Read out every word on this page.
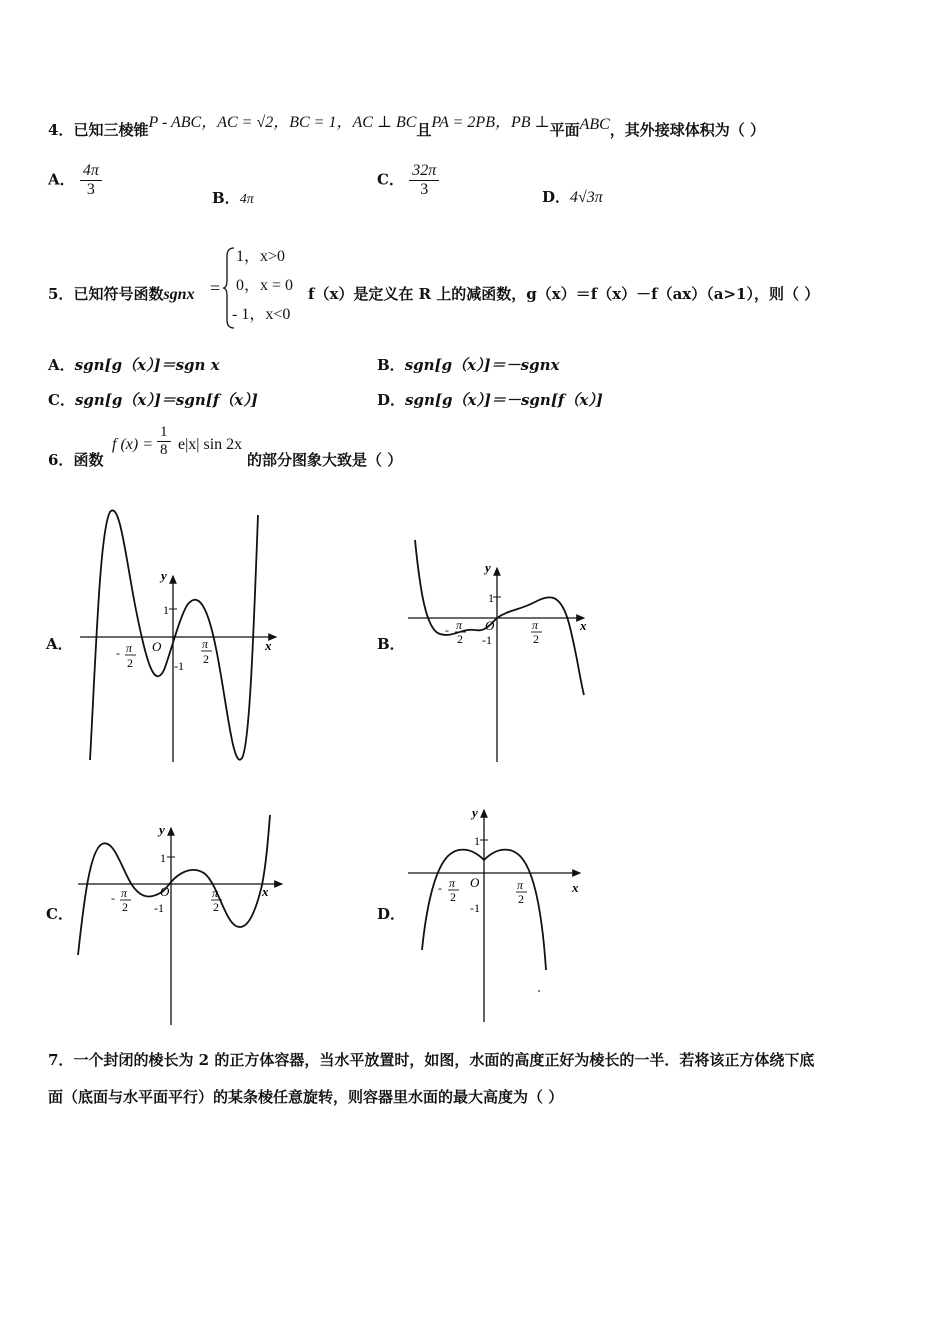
4．已知三棱锥P - ABC，AC = √2，BC = 1，AC ⊥ BC且PA = 2PB，PB ⊥平面ABC，其外接球体积为（ ）
A． $\frac{4\pi}{3}$	B．4π
C． $\frac{32\pi}{3}$	D．4√3π
5．已知符号函数sgnx =
1，x>0
0，x = 0
- 1，x<0
f（x）是定义在 R 上的减函数，g（x）＝f（x）－f（ax）（a>1），则（ ）
A．sgn[g（x）]＝sgn x	B．sgn[g（x）]＝－sgnx
C．sgn[g（x）]＝sgn[f（x）]	D．sgn[g（x）]＝－sgn[f（x）]
6．函数
f (x) =
1
8 e|x| sin 2x
的部分图象大致是（ ）
A．	B．
C．	D．
y
x
1
O
-1
- π
2
π
2
y
x
1
O
-1
- π
2
π
2
y
x
1
O
-1
- π
2
π
2
y
x
1
O
-1
- π
2
π
2
7．一个封闭的棱长为 2 的正方体容器，当水平放置时，如图，水面的高度正好为棱长的一半．若将该正方体绕下底
面（底面与水平面平行）的某条棱任意旋转，则容器里水面的最大高度为（ ）
